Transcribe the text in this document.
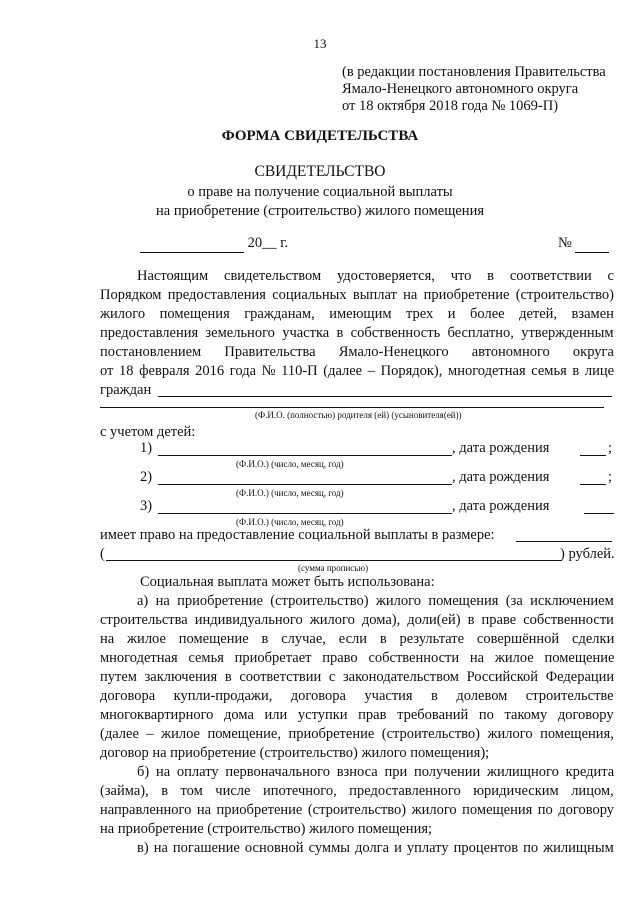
13
(в редакции постановления Правительства
Ямало-Ненецкого автономного округа
от 18 октября 2018 года № 1069-П)
ФОРМА СВИДЕТЕЛЬСТВА
СВИДЕТЕЛЬСТВО
о праве на получение социальной выплаты
на приобретение (строительство) жилого помещения
20__ г.	№
Настоящим свидетельством удостоверяется, что в соответствии с
Порядком предоставления социальных выплат на приобретение (строительство)
жилого помещения гражданам, имеющим трех и более детей, взамен
предоставления земельного участка в собственность бесплатно, утвержденным
постановлением Правительства Ямало-Ненецкого автономного округа
от 18 февраля 2016 года № 110-П (далее – Порядок), многодетная семья в лице
граждан
(Ф.И.О. (полностью) родителя (ей) (усыновителя(ей))
с учетом детей:
1)	, дата рождения	;
(Ф.И.О.) (число, месяц, год)
2)	, дата рождения	;
(Ф.И.О.) (число, месяц, год)
3)	, дата рождения
(Ф.И.О.) (число, месяц, год)
имеет право на предоставление социальной выплаты в размере:
(	) рублей.
(сумма прописью)
Социальная выплата может быть использована:
а) на приобретение (строительство) жилого помещения (за исключением
строительства индивидуального жилого дома), доли(ей) в праве собственности
на жилое помещение в случае, если в результате совершённой сделки
многодетная семья приобретает право собственности на жилое помещение
путем заключения в соответствии с законодательством Российской Федерации
договора купли-продажи, договора участия в долевом строительстве
многоквартирного дома или уступки прав требований по такому договору
(далее – жилое помещение, приобретение (строительство) жилого помещения,
договор на приобретение (строительство) жилого помещения);
б) на оплату первоначального взноса при получении жилищного кредита
(займа), в том числе ипотечного, предоставленного юридическим лицом,
направленного на приобретение (строительство) жилого помещения по договору
на приобретение (строительство) жилого помещения;
в) на погашение основной суммы долга и уплату процентов по жилищным
